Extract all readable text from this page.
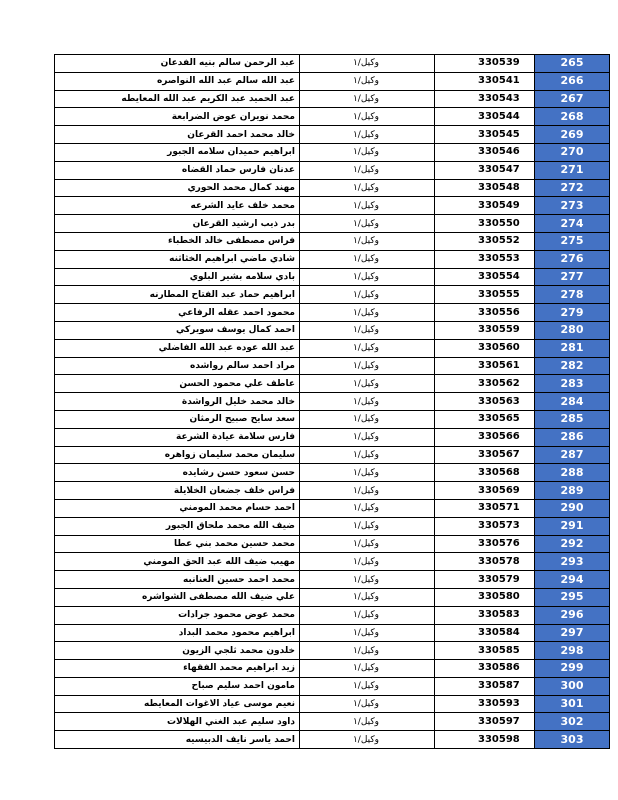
عبد الرحمن سالم بنيه الفدعان	وكيل/١	330539	265
عبد الله سالم عبد الله النواصره	وكيل/١	330541	266
عبد الحميد عبد الكريم عبد الله المعايطه	وكيل/١	330543	267
محمد نويران عوض الضرابعة	وكيل/١	330544	268
خالد محمد احمد القرعان	وكيل/١	330545	269
ابراهيم حميدان سلامه الجبور	وكيل/١	330546	270
عدنان فارس حماد القضاه	وكيل/١	330547	271
مهند كمال محمد الحوري	وكيل/١	330548	272
محمد خلف عايد الشرعه	وكيل/١	330549	273
بدر ذيب ارشيد القرعان	وكيل/١	330550	274
فراس مصطفى خالد الخطباء	وكيل/١	330552	275
شادي ماضي ابراهيم الخثاثنه	وكيل/١	330553	276
بادي سلامه بشير البلوي	وكيل/١	330554	277
ابراهيم حماد عبد الفتاح المطارنه	وكيل/١	330555	278
محمود احمد عقله الرفاعي	وكيل/١	330556	279
احمد كمال يوسف سويركي	وكيل/١	330559	280
عبد الله عوده عبد الله الفاضلي	وكيل/١	330560	281
مراد احمد سالم رواشده	وكيل/١	330561	282
عاطف علي محمود الحسن	وكيل/١	330562	283
خالد محمد خليل الرواشدة	وكيل/١	330563	284
سعد سايح صبيح الرمثان	وكيل/١	330565	285
فارس سلامة عيادة الشرعة	وكيل/١	330566	286
سليمان محمد سليمان زواهره	وكيل/١	330567	287
حسن سعود حسن رشايده	وكيل/١	330568	288
فراس خلف جضعان الخلايلة	وكيل/١	330569	289
احمد حسام محمد المومني	وكيل/١	330571	290
ضيف الله محمد ملحاق الجبور	وكيل/١	330573	291
محمد حسين محمد بني عطا	وكيل/١	330576	292
مهيب ضيف الله عبد الحق المومني	وكيل/١	330578	293
محمد احمد حسين العنانبه	وكيل/١	330579	294
علي ضيف الله مصطفى الشواشره	وكيل/١	330580	295
محمد عوض محمود جرادات	وكيل/١	330583	296
ابراهيم محمود محمد البداد	وكيل/١	330584	297
خلدون محمد ثلجي الزيون	وكيل/١	330585	298
زيد ابراهيم محمد الفقهاء	وكيل/١	330586	299
مامون احمد سليم صباح	وكيل/١	330587	300
نعيم موسى عياد الاغوات المعايطه	وكيل/١	330593	301
داود سليم عبد الغني الهلالات	وكيل/١	330597	302
احمد ياسر نايف الدبيسيه	وكيل/١	330598	303
